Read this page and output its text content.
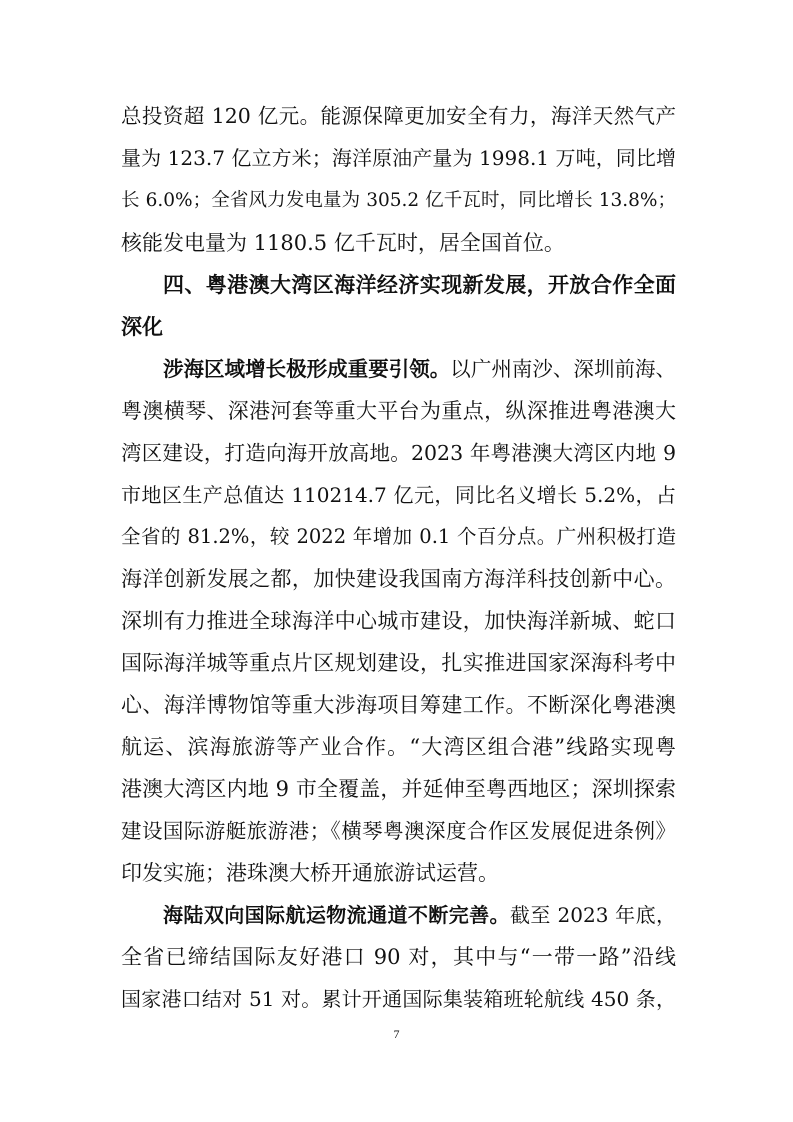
总投资超 120 亿元。能源保障更加安全有力，海洋天然气产
量为 123.7 亿立方米；海洋原油产量为 1998.1 万吨，同比增
长 6.0%；全省风力发电量为 305.2 亿千瓦时，同比增长 13.8%；
核能发电量为 1180.5 亿千瓦时，居全国首位。
四、粤港澳大湾区海洋经济实现新发展，开放合作全面
深化
涉海区域增长极形成重要引领。以广州南沙、深圳前海、
粤澳横琴、深港河套等重大平台为重点，纵深推进粤港澳大
湾区建设，打造向海开放高地。2023 年粤港澳大湾区内地 9
市地区生产总值达 110214.7 亿元，同比名义增长 5.2%，占
全省的 81.2%，较 2022 年增加 0.1 个百分点。广州积极打造
海洋创新发展之都，加快建设我国南方海洋科技创新中心。
深圳有力推进全球海洋中心城市建设，加快海洋新城、蛇口
国际海洋城等重点片区规划建设，扎实推进国家深海科考中
心、海洋博物馆等重大涉海项目筹建工作。不断深化粤港澳
航运、滨海旅游等产业合作。“大湾区组合港”线路实现粤
港澳大湾区内地 9 市全覆盖，并延伸至粤西地区；深圳探索
建设国际游艇旅游港；《横琴粤澳深度合作区发展促进条例》
印发实施；港珠澳大桥开通旅游试运营。
海陆双向国际航运物流通道不断完善。截至 2023 年底，
全省已缔结国际友好港口 90 对，其中与“一带一路”沿线
国家港口结对 51 对。累计开通国际集装箱班轮航线 450 条，
7
